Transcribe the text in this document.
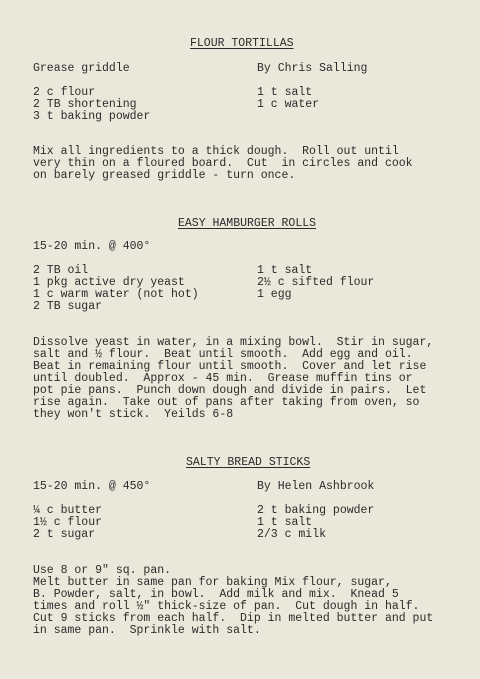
FLOUR TORTILLAS
Grease griddle	By Chris Salling
2 c flour
2 TB shortening
3 t baking powder
1 t salt
1 c water
Mix all ingredients to a thick dough.  Roll out until
very thin on a floured board.  Cut  in circles and cook
on barely greased griddle - turn once.
EASY HAMBURGER ROLLS
15-20 min. @ 400°
2 TB oil
1 pkg active dry yeast
1 c warm water (not hot)
2 TB sugar
1 t salt
2½ c sifted flour
1 egg
Dissolve yeast in water, in a mixing bowl.  Stir in sugar,
salt and ½ flour.  Beat until smooth.  Add egg and oil.
Beat in remaining flour until smooth.  Cover and let rise
until doubled.  Approx - 45 min.  Grease muffin tins or
pot pie pans.  Punch down dough and divide in pairs.  Let
rise again.  Take out of pans after taking from oven, so
they won't stick.  Yeilds 6-8
SALTY BREAD STICKS
15-20 min. @ 450°	By Helen Ashbrook
¼ c butter
1½ c flour
2 t sugar
2 t baking powder
1 t salt
2/3 c milk
Use 8 or 9" sq. pan.
Melt butter in same pan for baking Mix flour, sugar,
B. Powder, salt, in bowl.  Add milk and mix.  Knead 5
times and roll ½" thick-size of pan.  Cut dough in half.
Cut 9 sticks from each half.  Dip in melted butter and put
in same pan.  Sprinkle with salt.
